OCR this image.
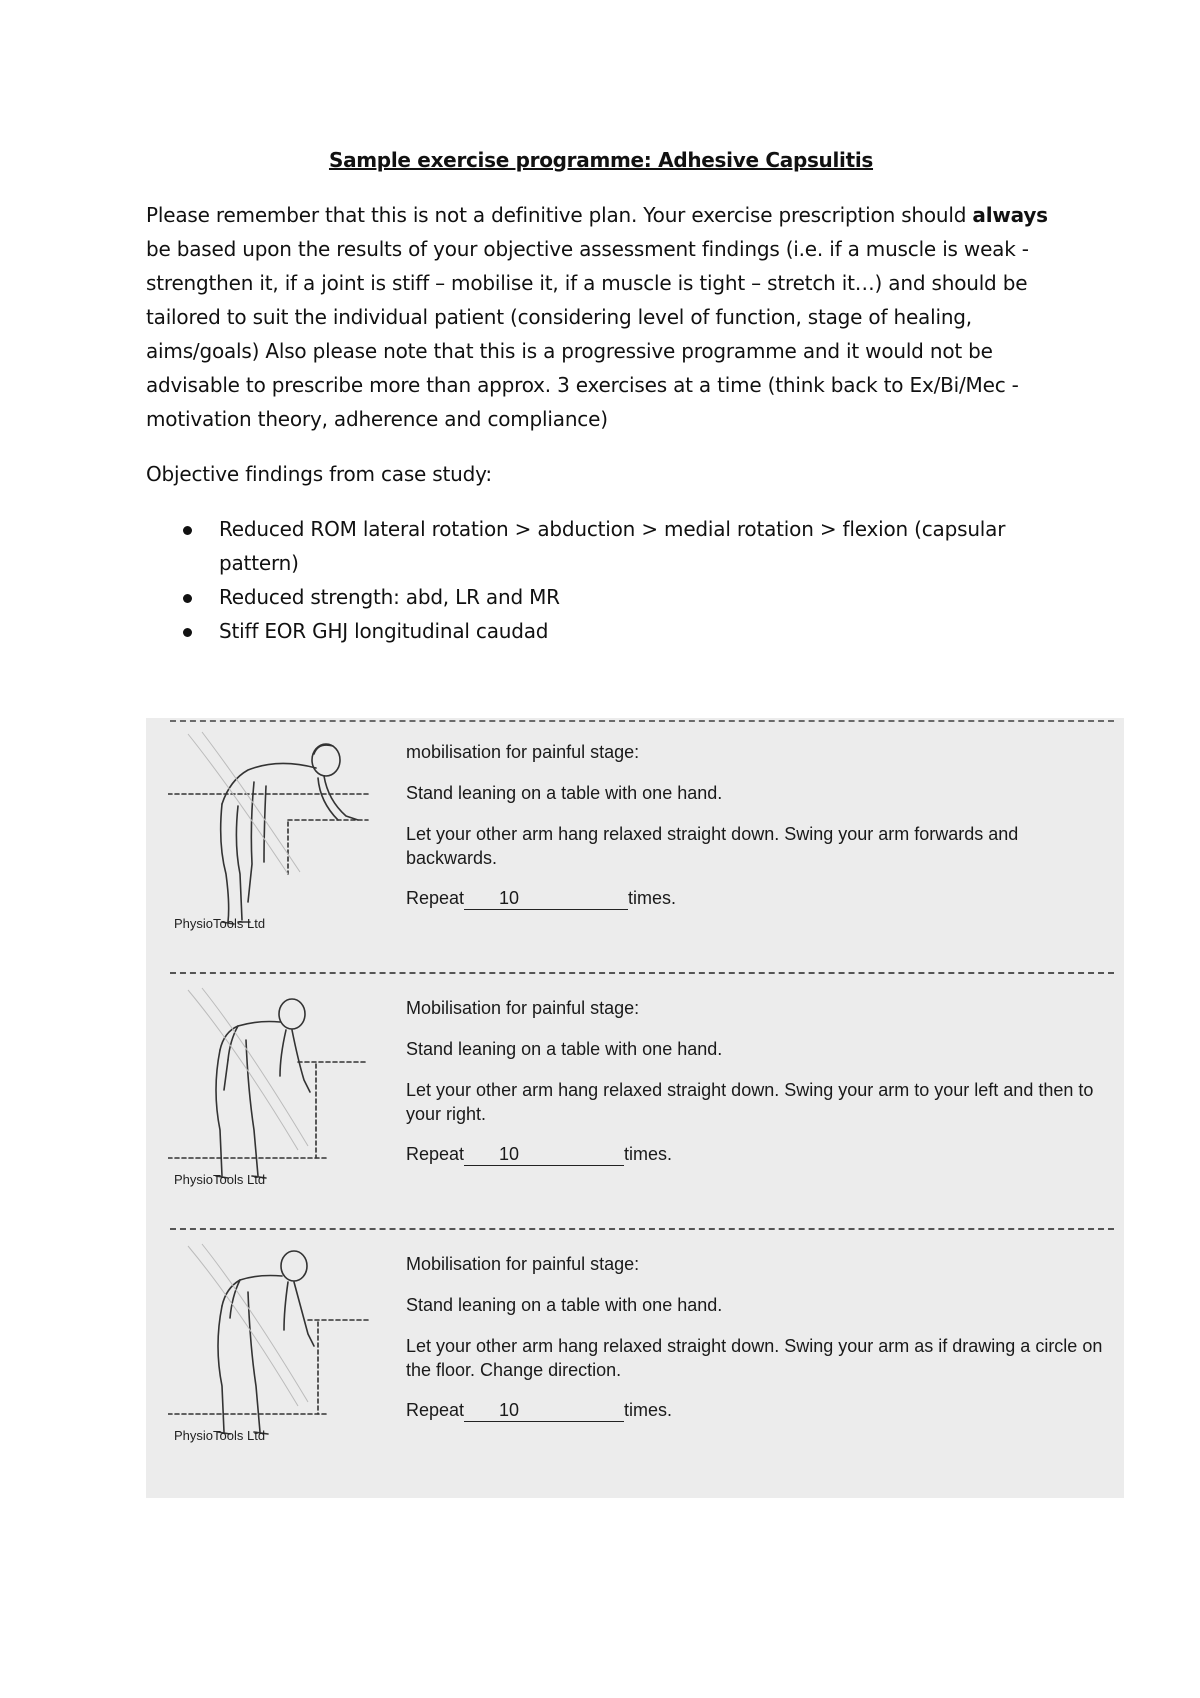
Sample exercise programme: Adhesive Capsulitis

Please remember that this is not a definitive plan. Your exercise prescription should always be based upon the results of your objective assessment findings (i.e. if a muscle is weak - strengthen it, if a joint is stiff – mobilise it, if a muscle is tight – stretch it…) and should be tailored to suit the individual patient (considering level of function, stage of healing, aims/goals) Also please note that this is a progressive programme and it would not be advisable to prescribe more than approx. 3 exercises at a time (think back to Ex/Bi/Mec - motivation theory, adherence and compliance)

Objective findings from case study:
Reduced ROM lateral rotation > abduction > medial rotation > flexion (capsular pattern)
Reduced strength: abd, LR and MR
Stiff EOR GHJ longitudinal caudad
PhysioTools Ltd
mobilisation for painful stage:
Stand leaning on a table with one hand.
Let your other arm hang relaxed straight down. Swing your arm forwards and backwards.
Repeat 10	times.
PhysioTools Ltd
Mobilisation for painful stage:
Stand leaning on a table with one hand.
Let your other arm hang relaxed straight down. Swing your arm to your left and then to your right.
Repeat 10	times.
PhysioTools Ltd
Mobilisation for painful stage:
Stand leaning on a table with one hand.
Let your other arm hang relaxed straight down. Swing your arm as if drawing a circle on the floor. Change direction.
Repeat 10	times.
